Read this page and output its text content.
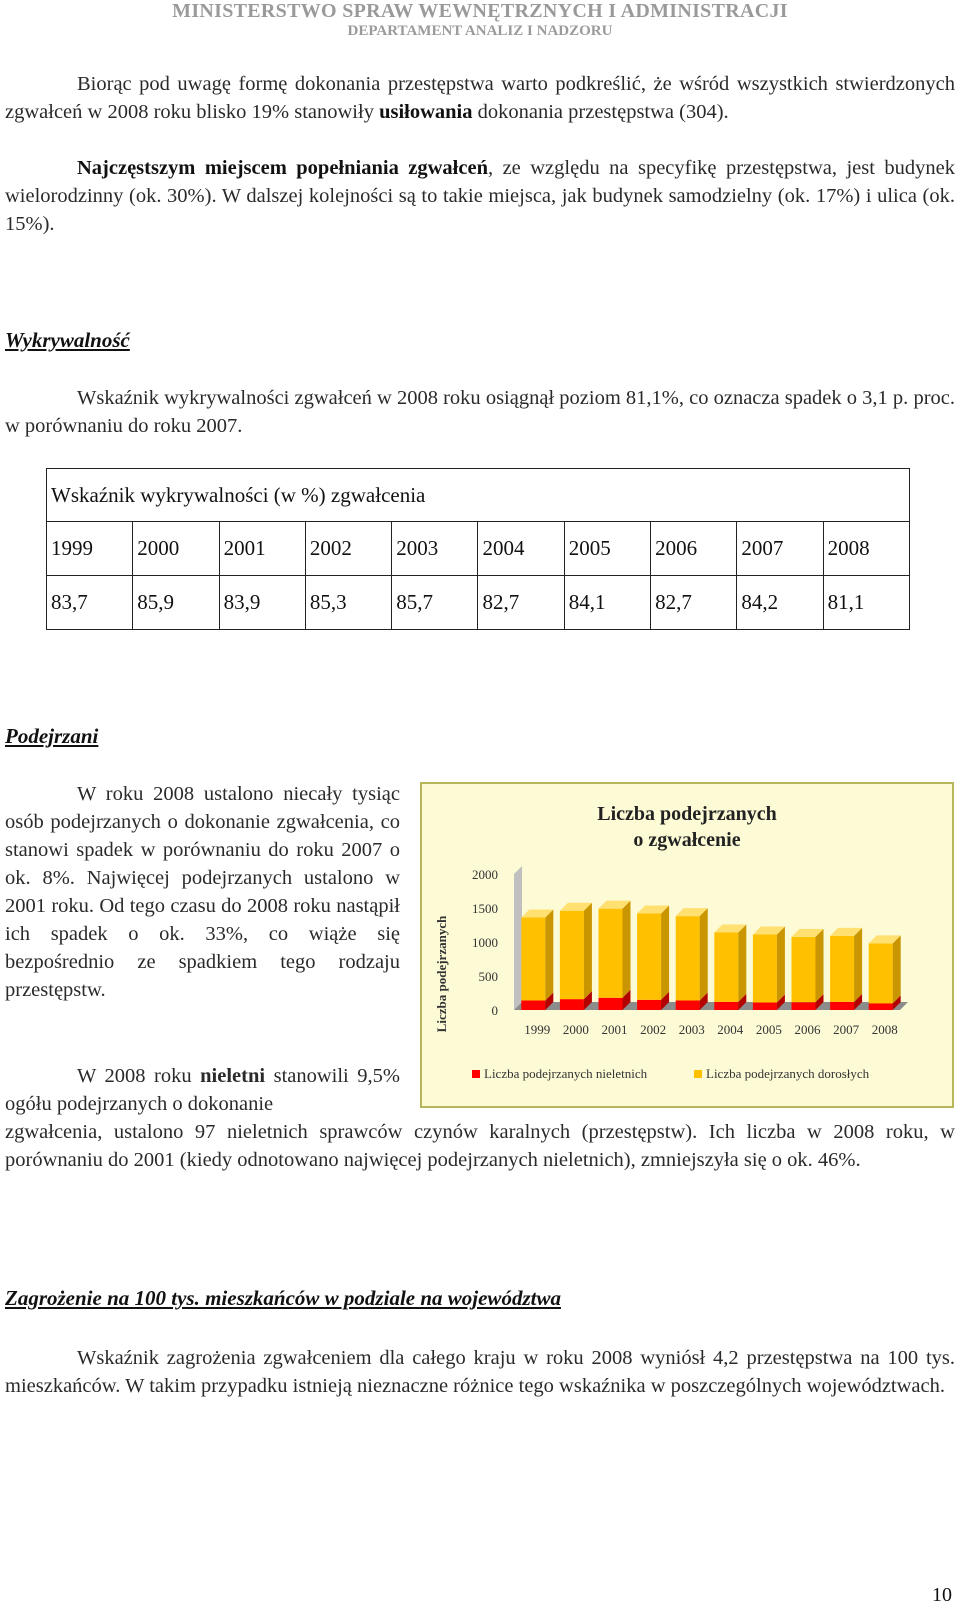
MINISTERSTWO SPRAW WEWNĘTRZNYCH I ADMINISTRACJI
DEPARTAMENT ANALIZ I NADZORU
Biorąc pod uwagę formę dokonania przestępstwa warto podkreślić, że wśród wszystkich stwierdzonych zgwałceń w 2008 roku blisko 19% stanowiły usiłowania dokonania przestępstwa (304).
Najczęstszym miejscem popełniania zgwałceń, ze względu na specyfikę przestępstwa, jest budynek wielorodzinny (ok. 30%). W dalszej kolejności są to takie miejsca, jak budynek samodzielny (ok. 17%) i ulica (ok. 15%).
Wykrywalność
Wskaźnik wykrywalności zgwałceń w 2008 roku osiągnął poziom 81,1%, co oznacza spadek o 3,1 p. proc. w porównaniu do roku 2007.
Wskaźnik wykrywalności (w %) zgwałcenia									
1999	2000	2001	2002	2003	2004	2005	2006	2007	2008
83,7	85,9	83,9	85,3	85,7	82,7	84,1	82,7	84,2	81,1
Podejrzani
W roku 2008 ustalono niecały tysiąc osób podejrzanych o dokonanie zgwałcenia, co stanowi spadek w porównaniu do roku 2007 o ok. 8%. Najwięcej podejrzanych ustalono w 2001 roku. Od tego czasu do 2008 roku nastąpił ich spadek o ok. 33%, co wiąże się bezpośrednio ze spadkiem tego rodzaju przestępstw.
W 2008 roku nieletni stanowili 9,5% ogółu podejrzanych o dokonanie
zgwałcenia, ustalono 97 nieletnich sprawców czynów karalnych (przestępstw). Ich liczba w 2008 roku, w porównaniu do 2001 (kiedy odnotowano najwięcej podejrzanych nieletnich), zmniejszyła się o ok. 46%.
Liczba podejrzanych
o zgwałcenie
Liczba podejrzanych
2000
1500
1000
500
0
1999 2000 2001 2002 2003 2004 2005 2006 2007 2008
Liczba podejrzanych nieletnich	Liczba podejrzanych dorosłych
Zagrożenie na 100 tys. mieszkańców w podziale na województwa
Wskaźnik zagrożenia zgwałceniem dla całego kraju w roku 2008 wyniósł 4,2 przestępstwa na 100 tys. mieszkańców. W takim przypadku istnieją nieznaczne różnice tego wskaźnika w poszczególnych województwach.
10
